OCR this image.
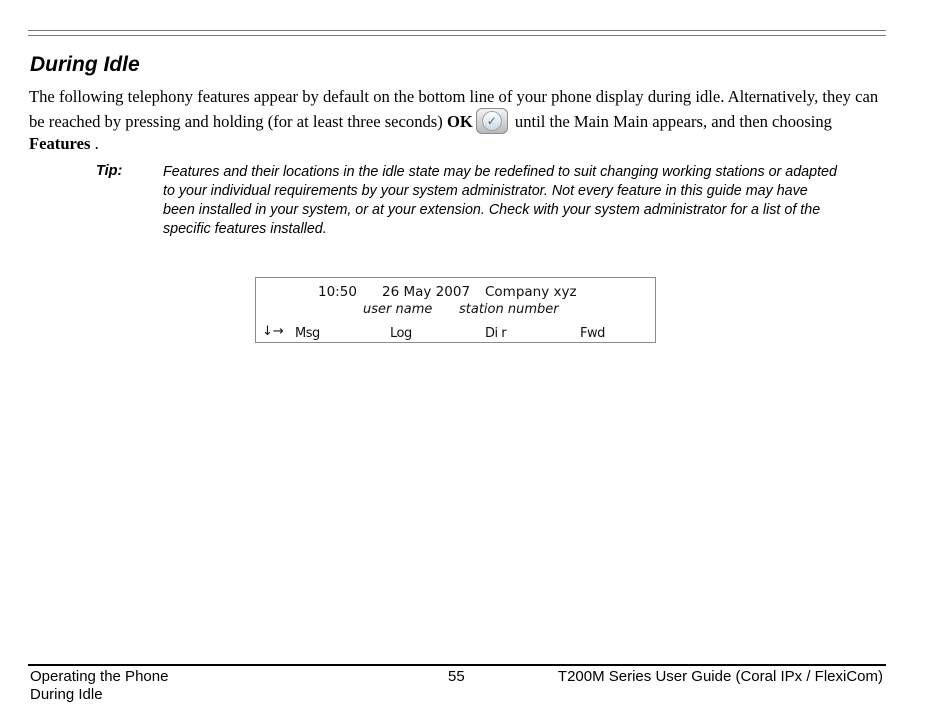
During Idle

The following telephony features appear by default on the bottom line of your phone display during idle. Alternatively, they can be reached by pressing and holding (for at least three seconds) OK	✓ until the Main Main appears, and then choosing Features .

Tip:	Features and their locations in the idle state may be redefined to suit changing working stations or adapted to your individual requirements by your system administrator. Not every feature in this guide may have been installed in your system, or at your extension. Check with your system administrator for a list of the specific features installed.

10:50 26 May 2007 Company xyz
user name station number
↓→ Msg	Log	Di r	Fwd
Operating the Phone
During Idle
55	T200M Series User Guide (Coral IPx / FlexiCom)
